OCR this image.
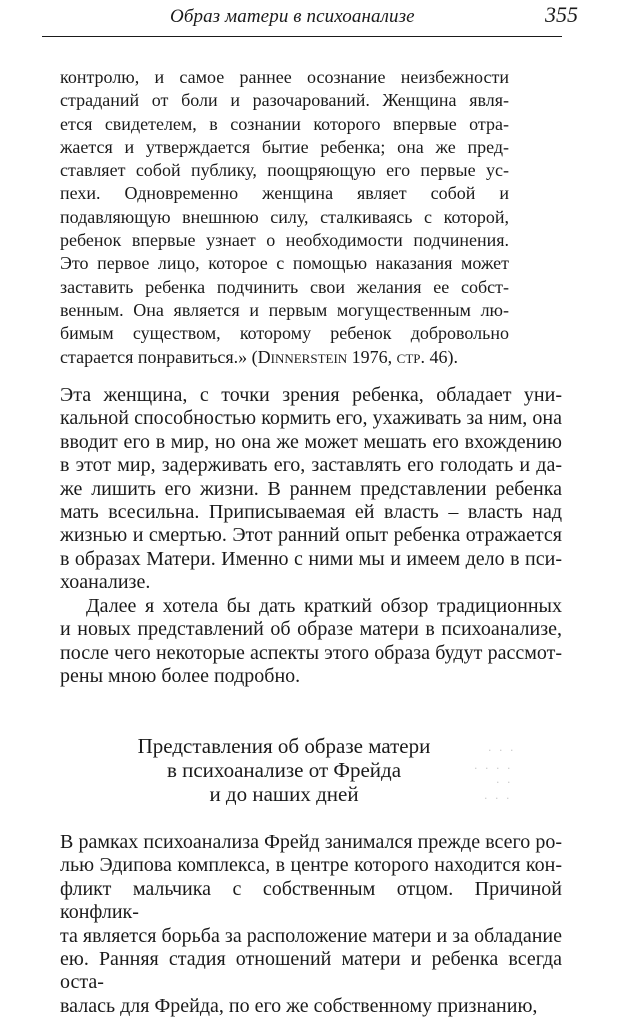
Образ матери в психоанализе	355
контролю, и самое раннее осознание неизбежности
страданий от боли и разочарований. Женщина явля-
ется свидетелем, в сознании которого впервые отра-
жается и утверждается бытие ребенка; она же пред-
ставляет собой публику, поощряющую его первые ус-
пехи. Одновременно женщина являет собой и
подавляющую внешнюю силу, сталкиваясь с которой,
ребенок впервые узнает о необходимости подчинения.
Это первое лицо, которое с помощью наказания может
заставить ребенка подчинить свои желания ее собст-
венным. Она является и первым могущественным лю-
бимым существом, которому ребенок добровольно
старается понравиться.» (Dinnerstein 1976, стр. 46).
Эта женщина, с точки зрения ребенка, обладает уни-
кальной способностью кормить его, ухаживать за ним, она
вводит его в мир, но она же может мешать его вхождению
в этот мир, задерживать его, заставлять его голодать и да-
же лишить его жизни. В раннем представлении ребенка
мать всесильна. Приписываемая ей власть – власть над
жизнью и смертью. Этот ранний опыт ребенка отражается
в образах Матери. Именно с ними мы и имеем дело в пси-
хоанализе.
Далее я хотела бы дать краткий обзор традиционных
и новых представлений об образе матери в психоанализе,
после чего некоторые аспекты этого образа будут рассмот-
рены мною более подробно.
Представления об образе матери
в психоанализе от Фрейда
и до наших дней
· · ·
· · · ·
· ·
· · ·
В рамках психоанализа Фрейд занимался прежде всего ро-
лью Эдипова комплекса, в центре которого находится кон-
фликт мальчика с собственным отцом. Причиной конфлик-
та является борьба за расположение матери и за обладание
ею. Ранняя стадия отношений матери и ребенка всегда оста-
валась для Фрейда, по его же собственному признанию,
